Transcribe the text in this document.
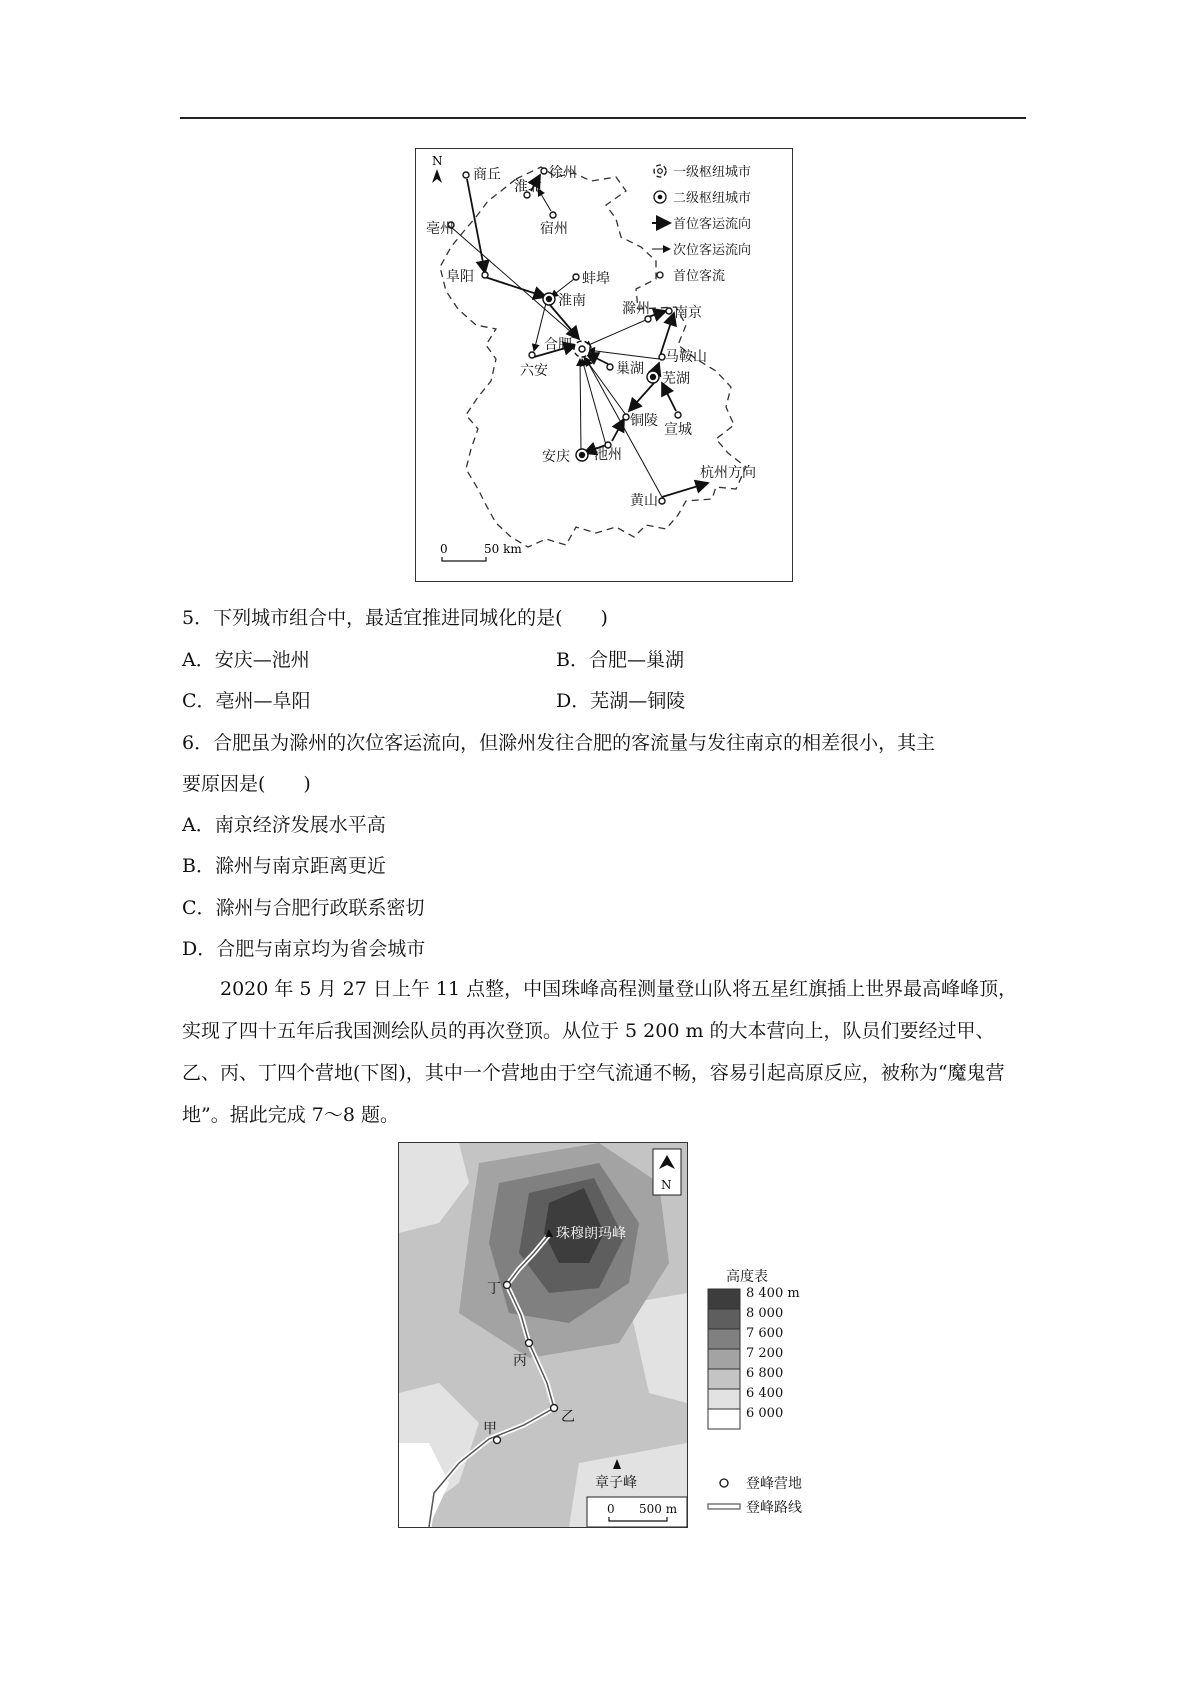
商丘
淮北
徐州
宿州
亳州
阜阳	蚌埠
淮南	滁州 南京
合肥
六安	巢湖
马鞍山
芜湖
铜陵
宣城
安庆 池州
黄山
杭州方向
N
0	50 km
一级枢纽城市
二级枢纽城市
首位客运流向
次位客运流向
首位客流
5．下列城市组合中，最适宜推进同城化的是(　　)
A．安庆—池州	B．合肥—巢湖
C．亳州—阜阳	D．芜湖—铜陵
6．合肥虽为滁州的次位客运流向，但滁州发往合肥的客流量与发往南京的相差很小，其主
要原因是(　　)
A．南京经济发展水平高
B．滁州与南京距离更近
C．滁州与合肥行政联系密切
D．合肥与南京均为省会城市
2020 年 5 月 27 日上午 11 点整，中国珠峰高程测量登山队将五星红旗插上世界最高峰峰顶，实现了四十五年后我国测绘队员的再次登顶。从位于 5 200 m 的大本营向上，队员们要经过甲、乙、丙、丁四个营地(下图)，其中一个营地由于空气流通不畅，容易引起高原反应，被称为“魔鬼营地”。据此完成 7～8 题。
甲
乙
丙
丁
珠穆朗玛峰
章子峰
N
0 500 m
高度表
8 400 m
8 000
7 600
7 200
6 800
6 400
6 000
登峰营地
登峰路线
